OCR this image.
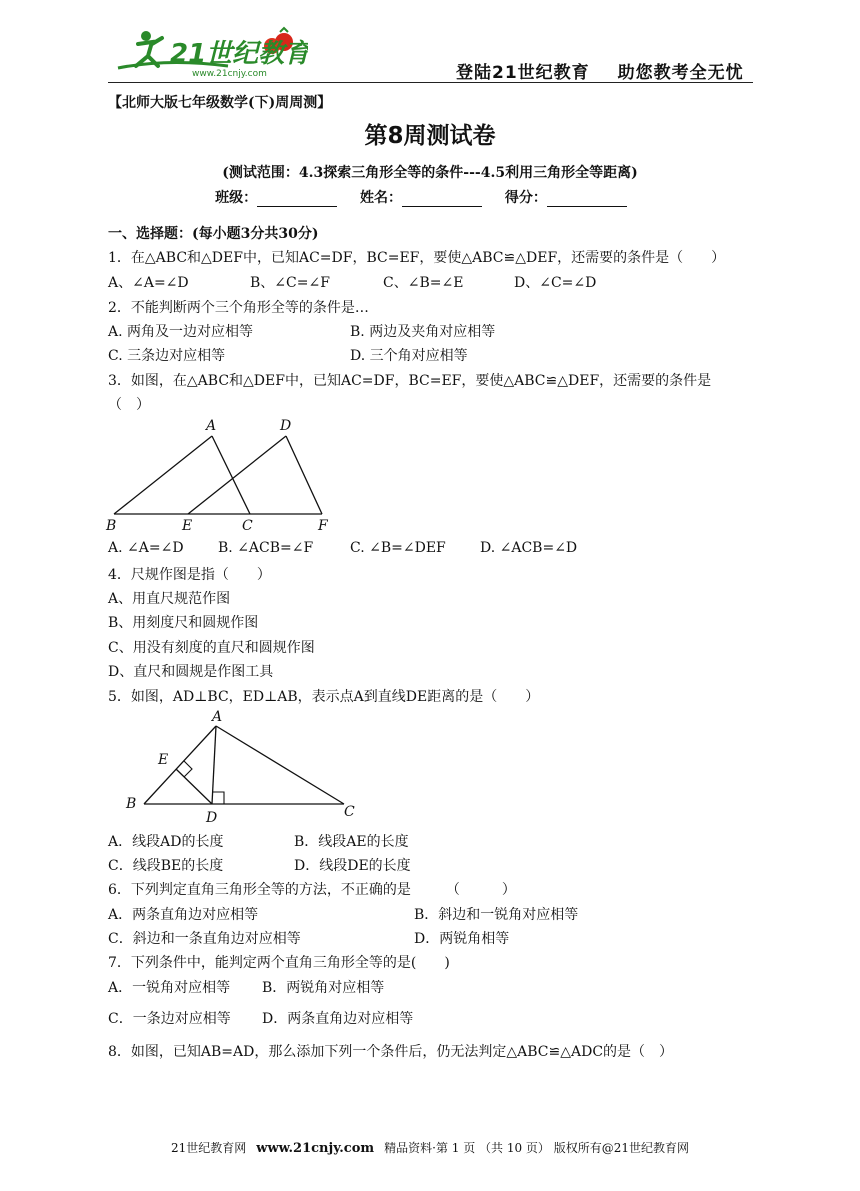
21世纪教育
www.21cnjy.com	登陆21世纪教育 助您教考全无忧
【北师大版七年级数学(下)周周测】
第8周测试卷
(测试范围：4.3探索三角形全等的条件---4.5利用三角形全等距离)
班级：	姓名：	得分：
一、选择题：(每小题3分共30分)
1．在△ABC和△DEF中，已知AC=DF，BC=EF，要使△ABC≌△DEF，还需要的条件是（　　）
A、∠A=∠D	B、∠C=∠F	C、∠B=∠E	D、∠C=∠D
2．不能判断两个三个角形全等的条件是…
A. 两角及一边对应相等	B. 两边及夹角对应相等
C. 三条边对应相等	D. 三个角对应相等
3．如图，在△ABC和△DEF中，已知AC=DF，BC=EF，要使△ABC≌△DEF，还需要的条件是
（　）
A	D
B	E	C	F
A. ∠A=∠D B. ∠ACB=∠F	C. ∠B=∠DEF D. ∠ACB=∠D
4．尺规作图是指（　　）
A、用直尺规范作图
B、用刻度尺和圆规作图
C、用没有刻度的直尺和圆规作图
D、直尺和圆规是作图工具
5．如图，AD⊥BC，ED⊥AB，表示点A到直线DE距离的是（　　）
A
E
B
D	C
A．线段AD的长度	B．线段AE的长度
C．线段BE的长度	D．线段DE的长度
6．下列判定直角三角形全等的方法，不正确的是　　　（　　　）
A．两条直角边对应相等	B．斜边和一锐角对应相等
C．斜边和一条直角边对应相等	D．两锐角相等
7．下列条件中，能判定两个直角三角形全等的是(　　)
A．一锐角对应相等 B．两锐角对应相等
C．一条边对应相等 D．两条直角边对应相等
8．如图，已知AB=AD，那么添加下列一个条件后，仍无法判定△ABC≌△ADC的是（　）
21世纪教育网 www.21cnjy.com 精品资料·第 1 页 （共 10 页） 版权所有@21世纪教育网
